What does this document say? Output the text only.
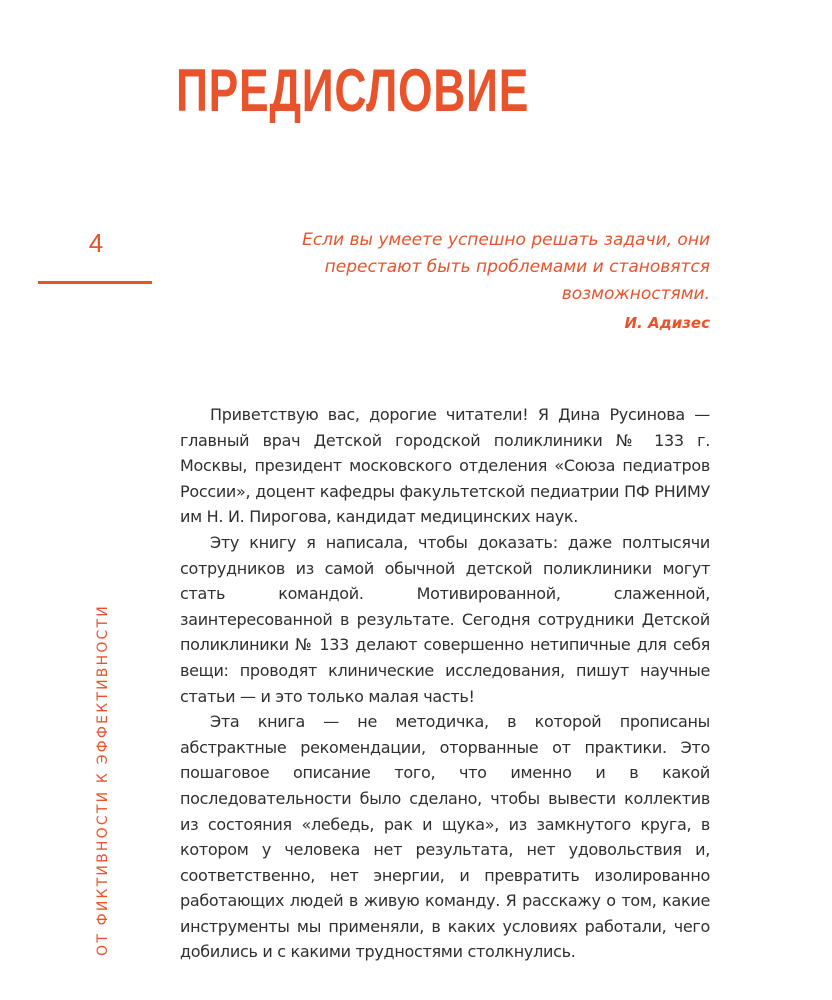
ПРЕДИСЛОВИЕ
4	Если вы умеете успешно решать задачи, они перестают быть проблемами и становятся возможностями.

И. Адизес

ОТ ФИКТИВНОСТИ К ЭФФЕКТИВНОСТИ

Приветствую вас, дорогие читатели! Я Дина Русинова — главный врач Детской городской поликлиники № 133 г. Москвы, президент московского отделения «Союза педиатров России», доцент кафедры факультетской педиатрии ПФ РНИМУ им Н. И. Пирогова, кандидат медицинских наук.

Эту книгу я написала, чтобы доказать: даже полтысячи сотрудников из самой обычной детской поликлиники могут стать командой. Мотивированной, слаженной, заинтересованной в результате. Сегодня сотрудники Детской поликлиники № 133 делают совершенно нетипичные для себя вещи: проводят клинические исследования, пишут научные статьи — и это только малая часть!

Эта книга — не методичка, в которой прописаны абстрактные рекомендации, оторванные от практики. Это пошаговое описание того, что именно и в какой последовательности было сделано, чтобы вывести коллектив из состояния «лебедь, рак и щука», из замкнутого круга, в котором у человека нет результата, нет удовольствия и, соответственно, нет энергии, и превратить изолированно работающих людей в живую команду. Я расскажу о том, какие инструменты мы применяли, в каких условиях работали, чего добились и с какими трудностями столкнулись.
